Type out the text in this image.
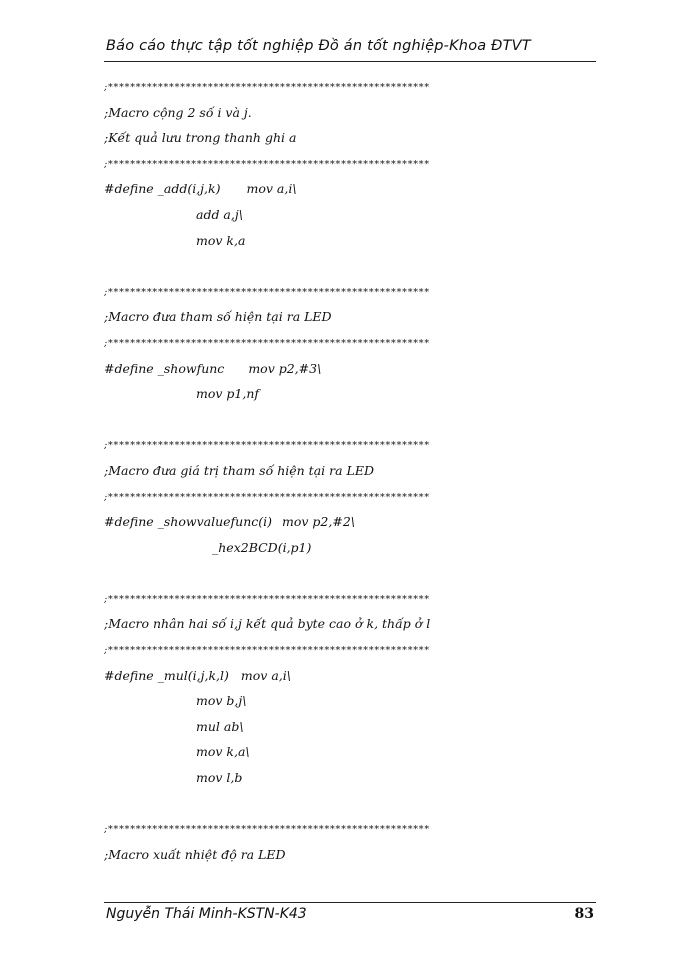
Báo cáo thực tập tốt nghiệp Đồ án tốt nghiệp-Khoa ĐTVT
;**********************************************************
;Macro cộng 2 số i và j.
;Kết quả lưu trong thanh ghi a
;**********************************************************
#define _add(i,j,k) mov a,i\
add a,j\
mov k,a
;**********************************************************
;Macro đưa tham số hiện tại ra LED
;**********************************************************
#define _showfunc mov p2,#3\
mov p1,nf
;**********************************************************
;Macro đưa giá trị tham số hiện tại ra LED
;**********************************************************
#define _showvaluefunc(i) mov p2,#2\
_hex2BCD(i,p1)
;**********************************************************
;Macro nhân hai số i,j kết quả byte cao ở k, thấp ở l
;**********************************************************
#define _mul(i,j,k,l) mov a,i\
mov b,j\
mul ab\
mov k,a\
mov l,b
;**********************************************************
;Macro xuất nhiệt độ ra LED
Nguyễn Thái Minh-KSTN-K43	83
